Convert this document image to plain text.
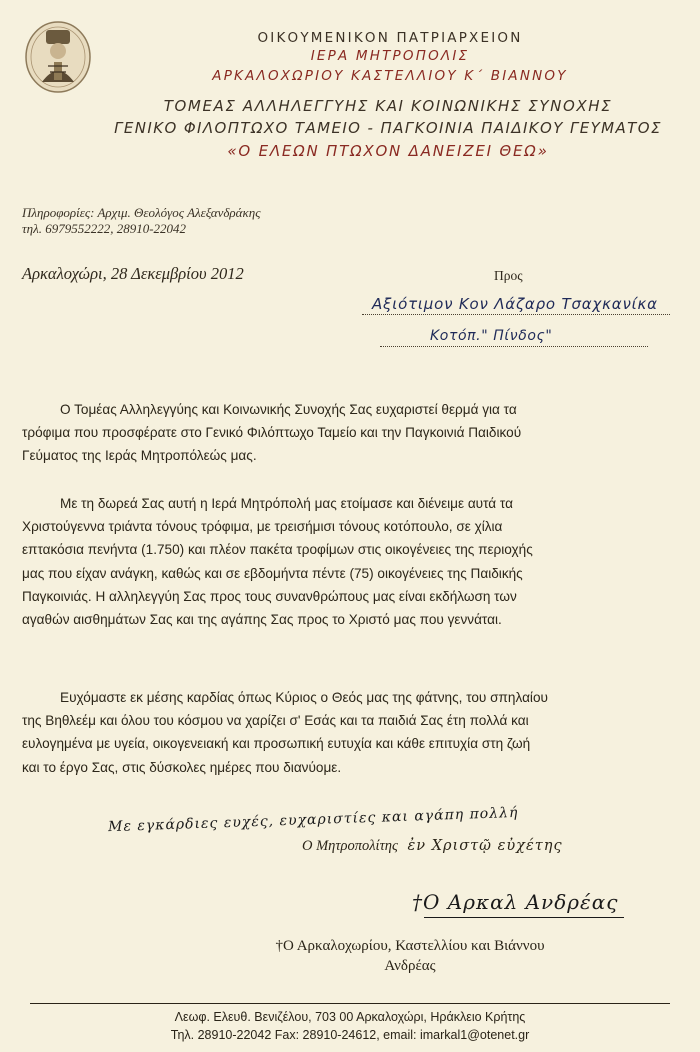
ΟΙΚΟΥΜΕΝΙΚΟΝ ΠΑΤΡΙΑΡΧΕΙΟΝ
ΙΕΡΑ ΜΗΤΡΟΠΟΛΙΣ
ΑΡΚΑΛΟΧΩΡΙΟΥ ΚΑΣΤΕΛΛΙΟΥ Κ΄ ΒΙΑΝΝΟΥ
ΤΟΜΕΑΣ ΑΛΛΗΛΕΓΓΥΗΣ ΚΑΙ ΚΟΙΝΩΝΙΚΗΣ ΣΥΝΟΧΗΣ
ΓΕΝΙΚΟ ΦΙΛΟΠΤΩΧΟ ΤΑΜΕΙΟ - ΠΑΓΚΟΙΝΙΑ ΠΑΙΔΙΚΟΥ ΓΕΥΜΑΤΟΣ
«Ο ΕΛΕΩΝ ΠΤΩΧΟΝ ΔΑΝΕΙΖΕΙ ΘΕΩ»
Πληροφορίες: Αρχιμ. Θεολόγος Αλεξανδράκης
τηλ. 6979552222, 28910-22042
Αρκαλοχώρι, 28 Δεκεμβρίου 2012	Προς
Αξιότιμον Κον Λάζαρο Τσαχκανίκα
Κοτόπ." Πίνδος"
Ο Τομέας Αλληλεγγύης και Κοινωνικής Συνοχής Σας ευχαριστεί θερμά για τα
τρόφιμα που προσφέρατε στο Γενικό Φιλόπτωχο Ταμείο και την Παγκοινιά Παιδικού
Γεύματος της Ιεράς Μητροπόλεώς μας.
Με τη δωρεά Σας αυτή η Ιερά Μητρόπολή μας ετοίμασε και διένειμε αυτά τα
Χριστούγεννα τριάντα τόνους τρόφιμα, με τρεισήμισι τόνους κοτόπουλο, σε χίλια
επτακόσια πενήντα (1.750) και πλέον πακέτα τροφίμων στις οικογένειες της περιοχής
μας που είχαν ανάγκη, καθώς και σε εβδομήντα πέντε (75) οικογένειες της Παιδικής
Παγκοινιάς. Η αλληλεγγύη Σας προς τους συνανθρώπους μας είναι εκδήλωση των
αγαθών αισθημάτων Σας και της αγάπης Σας προς το Χριστό μας που γεννάται.
Ευχόμαστε εκ μέσης καρδίας όπως Κύριος ο Θεός μας της φάτνης, του σπηλαίου
της Βηθλεέμ και όλου του κόσμου να χαρίζει σ' Εσάς και τα παιδιά Σας έτη πολλά και
ευλογημένα με υγεία, οικογενειακή και προσωπική ευτυχία και κάθε επιτυχία στη ζωή
και το έργο Σας, στις δύσκολες ημέρες που διανύομε.
Με εγκάρδιες ευχές, ευχαριστίες και αγάπη πολλή
Ο Μητροπολίτης ἐν Χριστῷ εὐχέτης
†Ο Αρκαλ Ανδρέας
†Ο Αρκαλοχωρίου, Καστελλίου και Βιάννου
Ανδρέας
Λεωφ. Ελευθ. Βενιζέλου, 703 00 Αρκαλοχώρι, Ηράκλειο Κρήτης
Τηλ. 28910-22042 Fax: 28910-24612, email: imarkal1@otenet.gr
